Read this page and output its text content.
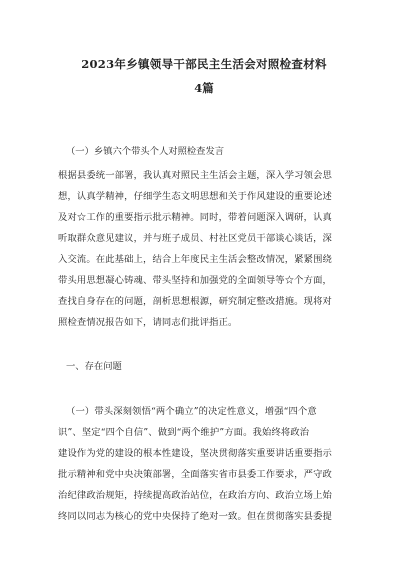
2023年乡镇领导干部民主生活会对照检查材料
4篇
（一）乡镇六个带头个人对照检查发言
根据县委统一部署，我认真对照民主生活会主题，深入学习领会思
想，认真学精神，仔细学生态文明思想和关于作风建设的重要论述
及对☆工作的重要指示批示精神。同时，带着问题深入调研，认真
听取群众意见建议，并与班子成员、村社区党员干部谈心谈话，深
入交流。在此基础上，结合上年度民主生活会整改情况，紧紧围绕
带头用思想凝心铸魂、带头坚持和加强党的全面领导等☆个方面，
查找自身存在的问题，剖析思想根源，研究制定整改措施。现将对
照检查情况报告如下，请同志们批评指正。
一、存在问题
（一）带头深刻领悟“两个确立”的决定性意义，增强“四个意
识”、坚定“四个自信”、做到“两个维护”方面。我始终将政治
建设作为党的建设的根本性建设，坚决贯彻落实重要讲话重要指示
批示精神和党中央决策部署，全面落实省市县委工作要求，严守政
治纪律政治规矩，持续提高政治站位，在政治方向、政治立场上始
终同以同志为核心的党中央保持了绝对一致。但在贯彻落实县委提
